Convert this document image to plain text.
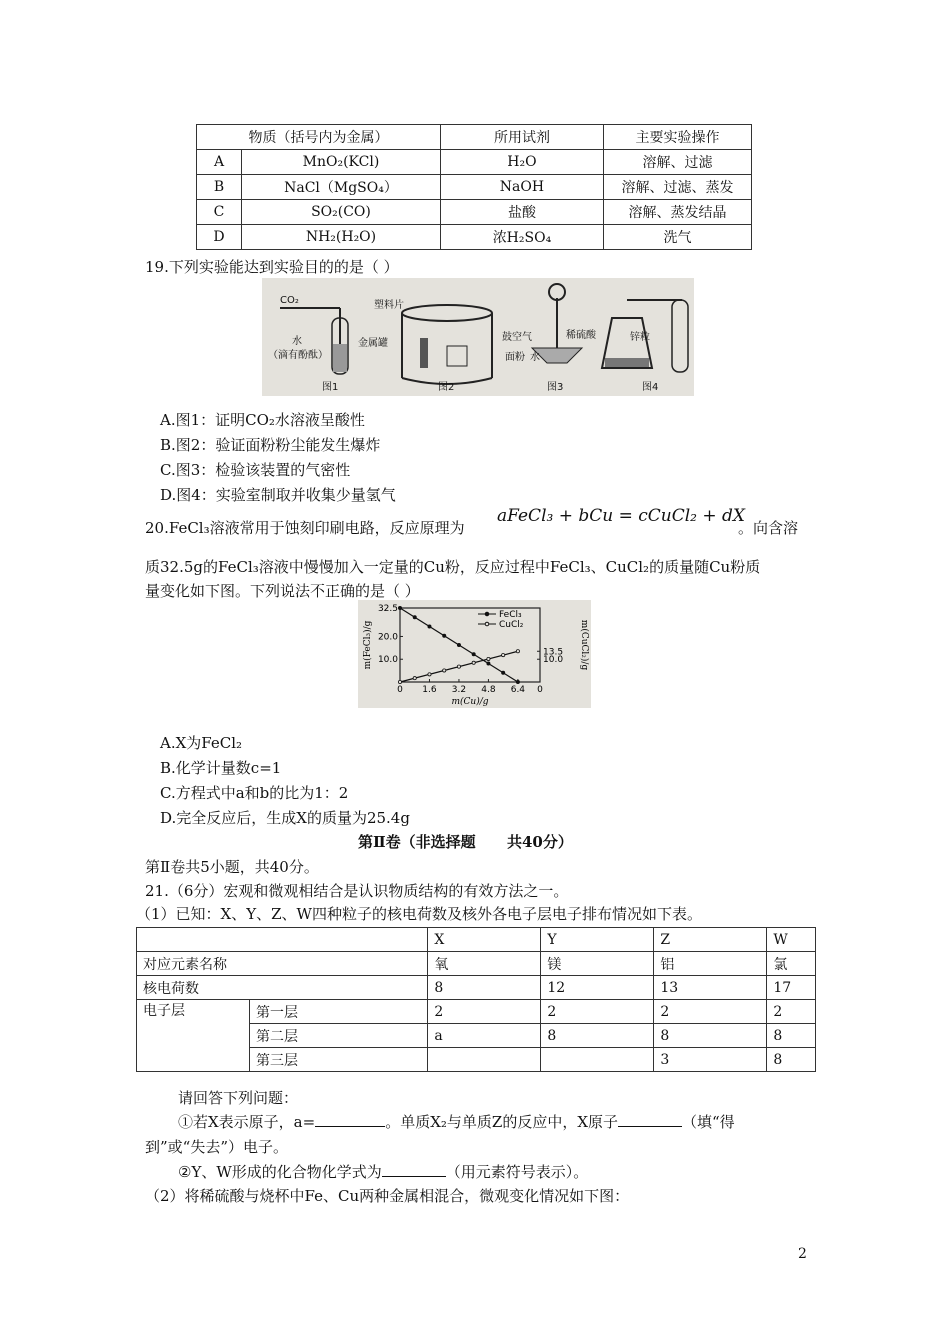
物质（括号内为金属）		所用试剂	主要实验操作
A	MnO₂(KCl)	H₂O	溶解、过滤
B	NaCl（MgSO₄）	NaOH	溶解、过滤、蒸发
C	SO₂(CO)	盐酸	溶解、蒸发结晶
D	NH₂(H₂O)	浓H₂SO₄	洗气
19.下列实验能达到实验目的的是（ ）
CO₂
水
（滴有酚酞）
塑料片
金属罐
鼓空气
面粉
稀硫酸
水
锌粒
图1	图2	图3	图4
A.图1：证明CO₂水溶液呈酸性
B.图2：验证面粉粉尘能发生爆炸
C.图3：检验该装置的气密性
D.图4：实验室制取并收集少量氢气
20.FeCl₃溶液常用于蚀刻印刷电路，反应原理为
aFeCl₃ + bCu = cCuCl₂ + dX
。向含溶
质32.5g的FeCl₃溶液中慢慢加入一定量的Cu粉，反应过程中FeCl₃、CuCl₂的质量随Cu粉质
量变化如下图。下列说法不正确的是（ ）
0 1.6 3.2 4.8 6.4 0
32.5
20.0
10.0
13.5
10.0
FeCl₃
CuCl₂
m(Cu)/g
m(FeCl₃)/g	m(CuCl₂)/g
A.X为FeCl₂
B.化学计量数c=1
C.方程式中a和b的比为1：2
D.完全反应后，生成X的质量为25.4g
第Ⅱ卷（非选择题      共40分）
第Ⅱ卷共5小题，共40分。
21.（6分）宏观和微观相结合是认识物质结构的有效方法之一。
（1）已知：X、Y、Z、W四种粒子的核电荷数及核外各电子层电子排布情况如下表。
		X	Y	Z	W
对应元素名称		氧	镁	铝	氯
核电荷数		8	12	13	17
电子层	第一层	2	2	2	2
	第二层	a	8	8	8
	第三层			3	8
请回答下列问题：
①若X表示原子，a=	。单质X₂与单质Z的反应中，X原子	（填“得
到”或“失去”）电子。
②Y、W形成的化合物化学式为	（用元素符号表示）。
（2）将稀硫酸与烧杯中Fe、Cu两种金属相混合，微观变化情况如下图：
2
